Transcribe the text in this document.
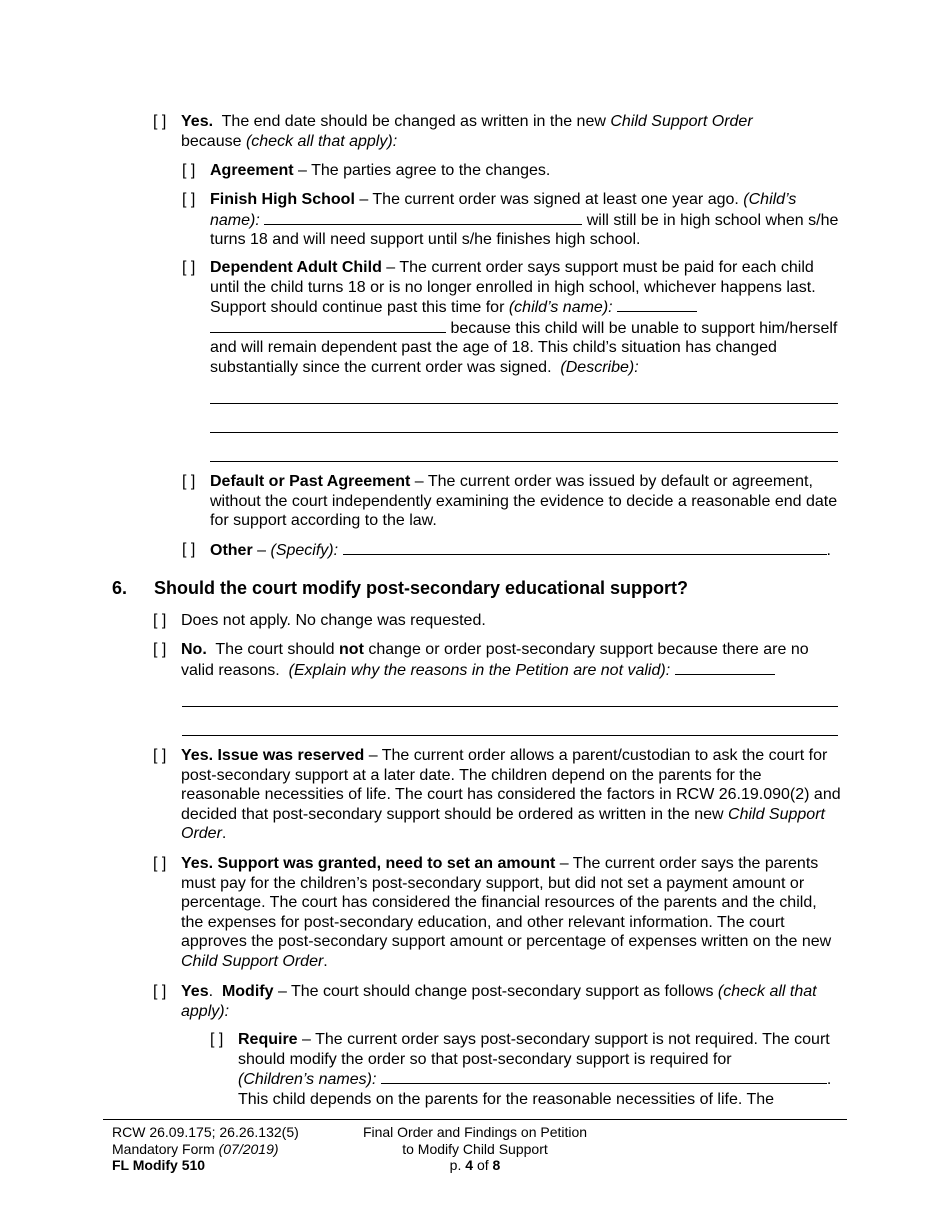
[ ] Yes. The end date should be changed as written in the new Child Support Order
because (check all that apply):
[ ] Agreement – The parties agree to the changes.
[ ] Finish High School – The current order was signed at least one year ago. (Child’s name):	will still be in high school when s/he turns 18 and will need support until s/he finishes high school.
[ ] Dependent Adult Child – The current order says support must be paid for each child until the child turns 18 or is no longer enrolled in high school, whichever happens last. Support should continue past this time for (child’s name):   because this child will be unable to support him/herself and will remain dependent past the age of 18. This child’s situation has changed substantially since the current order was signed. (Describe):
[ ] Default or Past Agreement – The current order was issued by default or agreement, without the court independently examining the evidence to decide a reasonable end date for support according to the law.
[ ] Other – (Specify):	.
6. Should the court modify post-secondary educational support?
[ ] Does not apply. No change was requested.
[ ] No. The court should not change or order post-secondary support because there are no valid reasons. (Explain why the reasons in the Petition are not valid):
[ ] Yes. Issue was reserved – The current order allows a parent/custodian to ask the court for post-secondary support at a later date. The children depend on the parents for the reasonable necessities of life. The court has considered the factors in RCW 26.19.090(2) and decided that post-secondary support should be ordered as written in the new Child Support Order.
[ ] Yes. Support was granted, need to set an amount – The current order says the parents must pay for the children’s post-secondary support, but did not set a payment amount or percentage. The court has considered the financial resources of the parents and the child, the expenses for post-secondary education, and other relevant information. The court approves the post-secondary support amount or percentage of expenses written on the new Child Support Order.
[ ] Yes. Modify – The court should change post-secondary support as follows (check all that apply):
[ ] Require – The current order says post-secondary support is not required. The court should modify the order so that post-secondary support is required for
(Children’s names):	.
This child depends on the parents for the reasonable necessities of life. The
RCW 26.09.175; 26.26.132(5)
Mandatory Form (07/2019)
FL Modify 510
Final Order and Findings on Petition
to Modify Child Support
p. 4 of 8
